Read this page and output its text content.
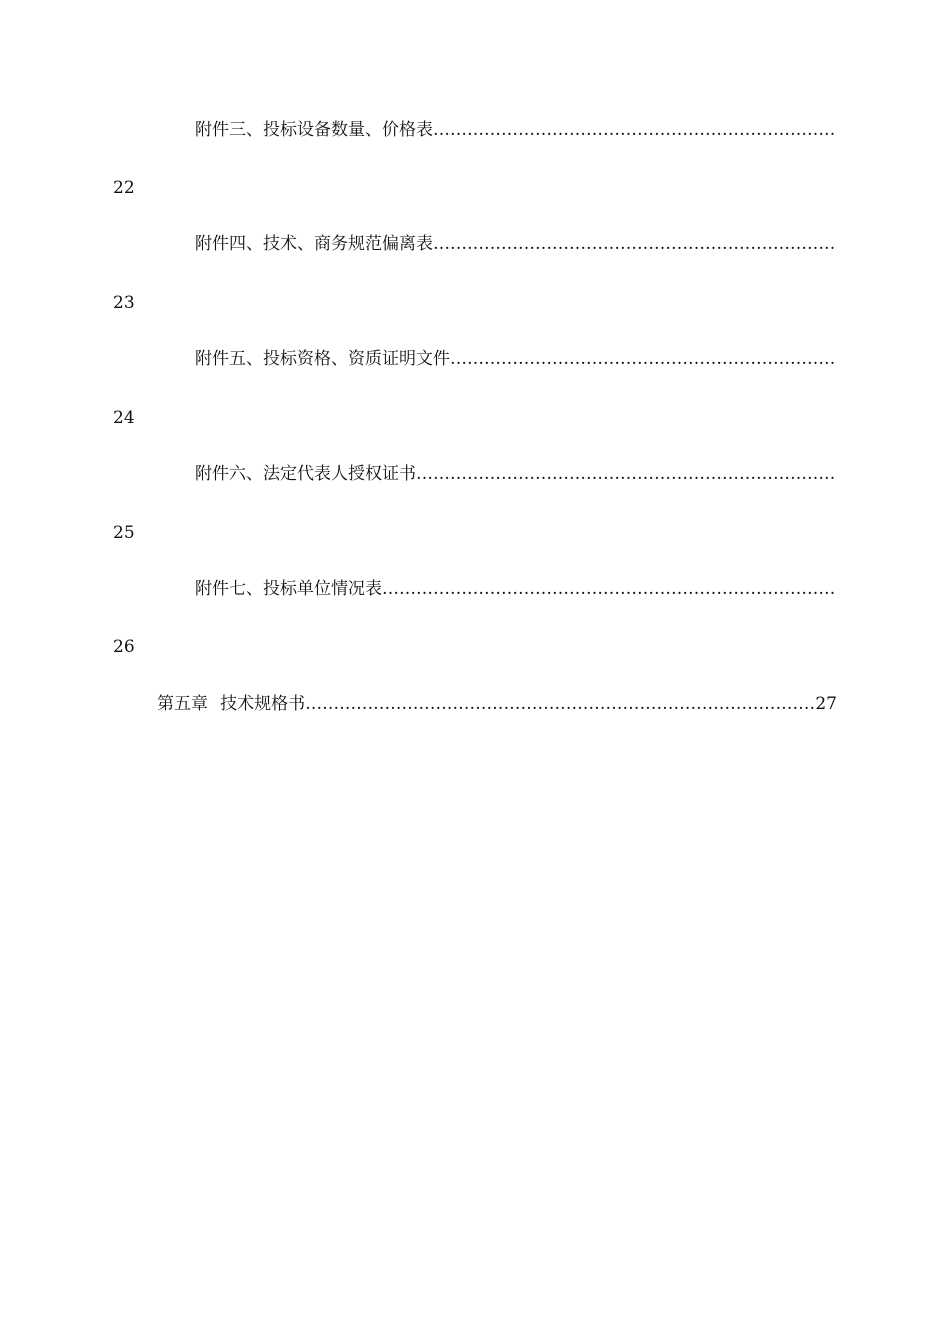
附件三、投标设备数量、价格表
……………………………………………………………………………………………………………………………………………………………………………………………………
22
附件四、技术、商务规范偏离表
……………………………………………………………………………………………………………………………………………………………………………………………………
23
附件五、投标资格、资质证明文件
……………………………………………………………………………………………………………………………………………………………………………………………………
24
附件六、法定代表人授权证书
……………………………………………………………………………………………………………………………………………………………………………………………………
25
附件七、投标单位情况表
……………………………………………………………………………………………………………………………………………………………………………………………………
26
第五章 技术规格书
……………………………………………………………………………………………………………………………………………………………………………………………………	27
